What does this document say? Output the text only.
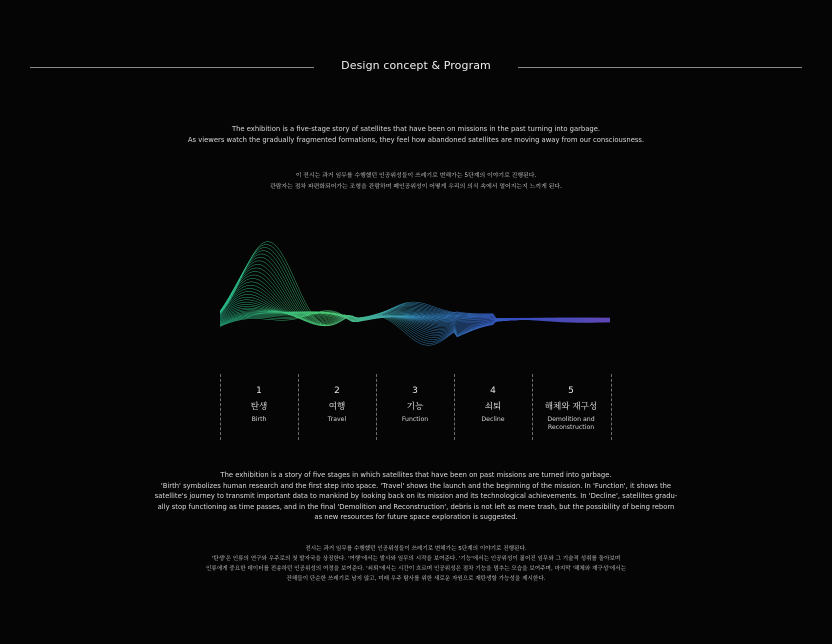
Design concept & Program
The exhibition is a five-stage story of satellites that have been on missions in the past turning into garbage.
As viewers watch the gradually fragmented formations, they feel how abandoned satellites are moving away from our consciousness.
이 전시는 과거 임무를 수행했던 인공위성들이 쓰레기로 변해가는 5단계의 이야기로 진행된다.
관람자는 점차 파편화되어가는 조형을 관람하며 폐인공위성이 어떻게 우리의 의식 속에서 멀어지는지 느끼게 된다.
1
탄생
Birth
2
여행
Travel
3
기능
Function
4
쇠퇴
Decline
5
해체와 재구성
Demolition and
Reconstruction
The exhibition is a story of five stages in which satellites that have been on past missions are turned into garbage.
'Birth' symbolizes human research and the first step into space. 'Travel' shows the launch and the beginning of the mission. In 'Function', it shows the
satellite's journey to transmit important data to mankind by looking back on its mission and its technological achievements. In 'Decline', satellites gradu-
ally stop functioning as time passes, and in the final 'Demolition and Reconstruction', debris is not left as mere trash, but the possibility of being reborn
as new resources for future space exploration is suggested.
전시는 과거 임무를 수행했던 인공위성들이 쓰레기로 변해가는 5단계의 이야기로 진행된다.
'탄생'은 인류의 연구와 우주로의 첫 발자국을 상징한다. '여행'에서는 발사와 임무의 시작을 보여준다. '기능'에서는 인공위성이 짊어진 임무와 그 기술적 성취를 돌아보며
인류에게 중요한 데이터를 전송하던 인공위성의 여정을 보여준다. '쇠퇴'에서는 시간이 흐르며 인공위성은 점차 기능을 멈추는 모습을 보여주며, 마지막 '해체와 재구성'에서는
잔해들이 단순한 쓰레기로 남지 않고, 미래 우주 탐사를 위한 새로운 자원으로 재탄생할 가능성을 제시한다.
